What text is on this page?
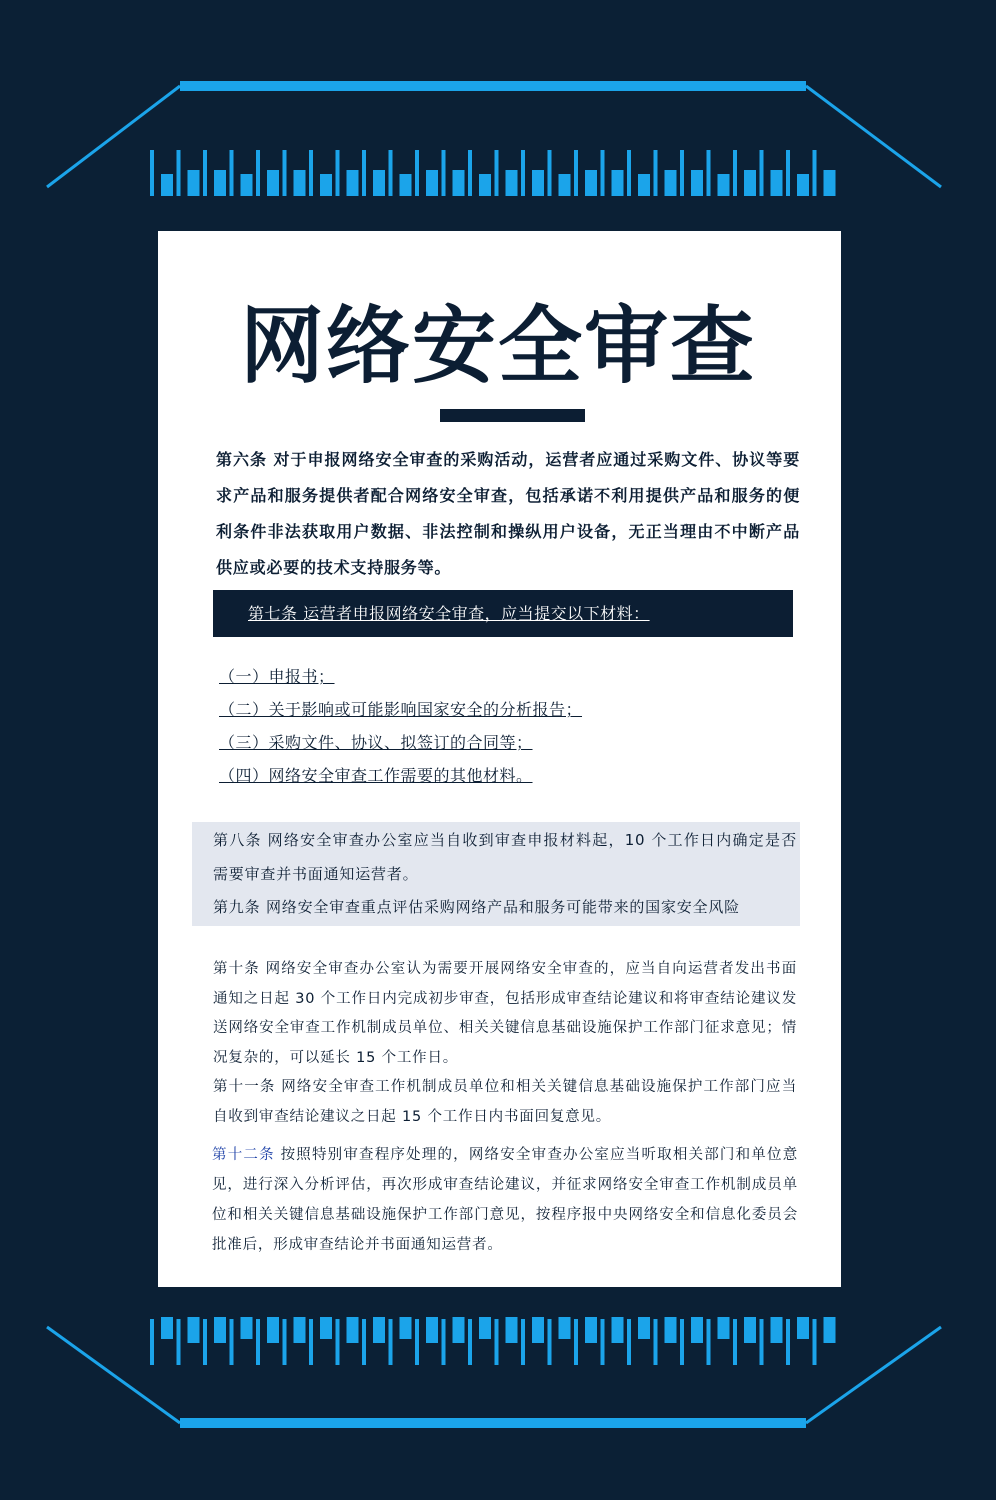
网络安全审查

第六条 对于申报网络安全审查的采购活动，运营者应通过采购文件、协议等要求产品和服务提供者配合网络安全审查，包括承诺不利用提供产品和服务的便利条件非法获取用户数据、非法控制和操纵用户设备，无正当理由不中断产品供应或必要的技术支持服务等。

第七条 运营者申报网络安全审查，应当提交以下材料：
（一）申报书；
（二）关于影响或可能影响国家安全的分析报告；
（三）采购文件、协议、拟签订的合同等；
（四）网络安全审查工作需要的其他材料。

第八条 网络安全审查办公室应当自收到审查申报材料起，10 个工作日内确定是否需要审查并书面通知运营者。

第九条 网络安全审查重点评估采购网络产品和服务可能带来的国家安全风险

第十条 网络安全审查办公室认为需要开展网络安全审查的，应当自向运营者发出书面通知之日起 30 个工作日内完成初步审查，包括形成审查结论建议和将审查结论建议发送网络安全审查工作机制成员单位、相关关键信息基础设施保护工作部门征求意见；情况复杂的，可以延长 15 个工作日。

第十一条 网络安全审查工作机制成员单位和相关关键信息基础设施保护工作部门应当自收到审查结论建议之日起 15 个工作日内书面回复意见。

第十二条 按照特别审查程序处理的，网络安全审查办公室应当听取相关部门和单位意见，进行深入分析评估，再次形成审查结论建议，并征求网络安全审查工作机制成员单位和相关关键信息基础设施保护工作部门意见，按程序报中央网络安全和信息化委员会批准后，形成审查结论并书面通知运营者。
